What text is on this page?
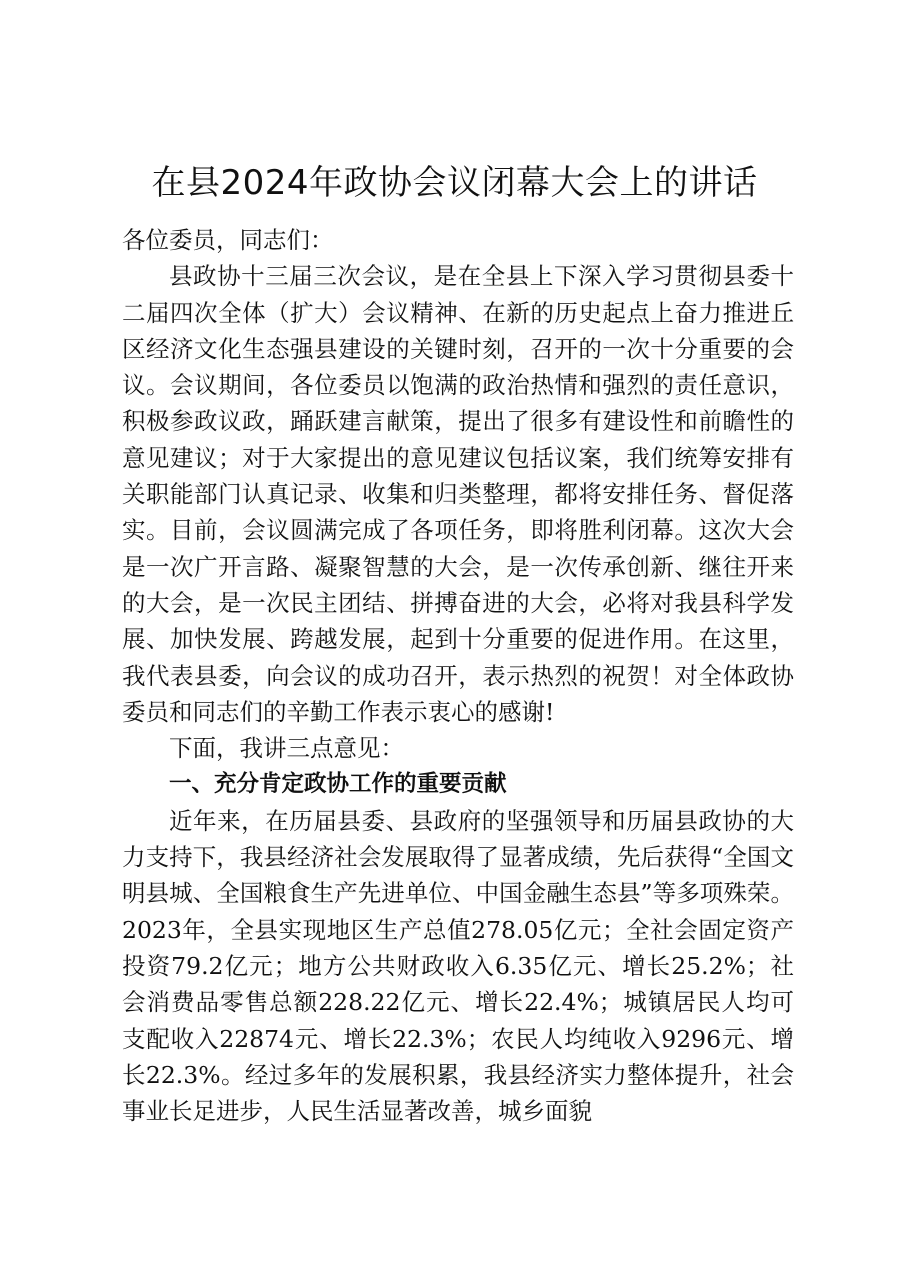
在县2024年政协会议闭幕大会上的讲话

各位委员，同志们：

县政协十三届三次会议，是在全县上下深入学习贯彻县委十二届四次全体（扩大）会议精神、在新的历史起点上奋力推进丘区经济文化生态强县建设的关键时刻，召开的一次十分重要的会议。会议期间，各位委员以饱满的政治热情和强烈的责任意识，积极参政议政，踊跃建言献策，提出了很多有建设性和前瞻性的意见建议；对于大家提出的意见建议包括议案，我们统筹安排有关职能部门认真记录、收集和归类整理，都将安排任务、督促落实。目前，会议圆满完成了各项任务，即将胜利闭幕。这次大会是一次广开言路、凝聚智慧的大会，是一次传承创新、继往开来的大会，是一次民主团结、拼搏奋进的大会，必将对我县科学发展、加快发展、跨越发展，起到十分重要的促进作用。在这里，我代表县委，向会议的成功召开，表示热烈的祝贺！对全体政协委员和同志们的辛勤工作表示衷心的感谢!

下面，我讲三点意见：

一、充分肯定政协工作的重要贡献

近年来，在历届县委、县政府的坚强领导和历届县政协的大力支持下，我县经济社会发展取得了显著成绩，先后获得“全国文明县城、全国粮食生产先进单位、中国金融生态县”等多项殊荣。2023年，全县实现地区生产总值278.05亿元；全社会固定资产投资79.2亿元；地方公共财政收入6.35亿元、增长25.2%；社会消费品零售总额228.22亿元、增长22.4%；城镇居民人均可支配收入22874元、增长22.3%；农民人均纯收入9296元、增长22.3%。经过多年的发展积累，我县经济实力整体提升，社会事业长足进步，人民生活显著改善，城乡面貌
